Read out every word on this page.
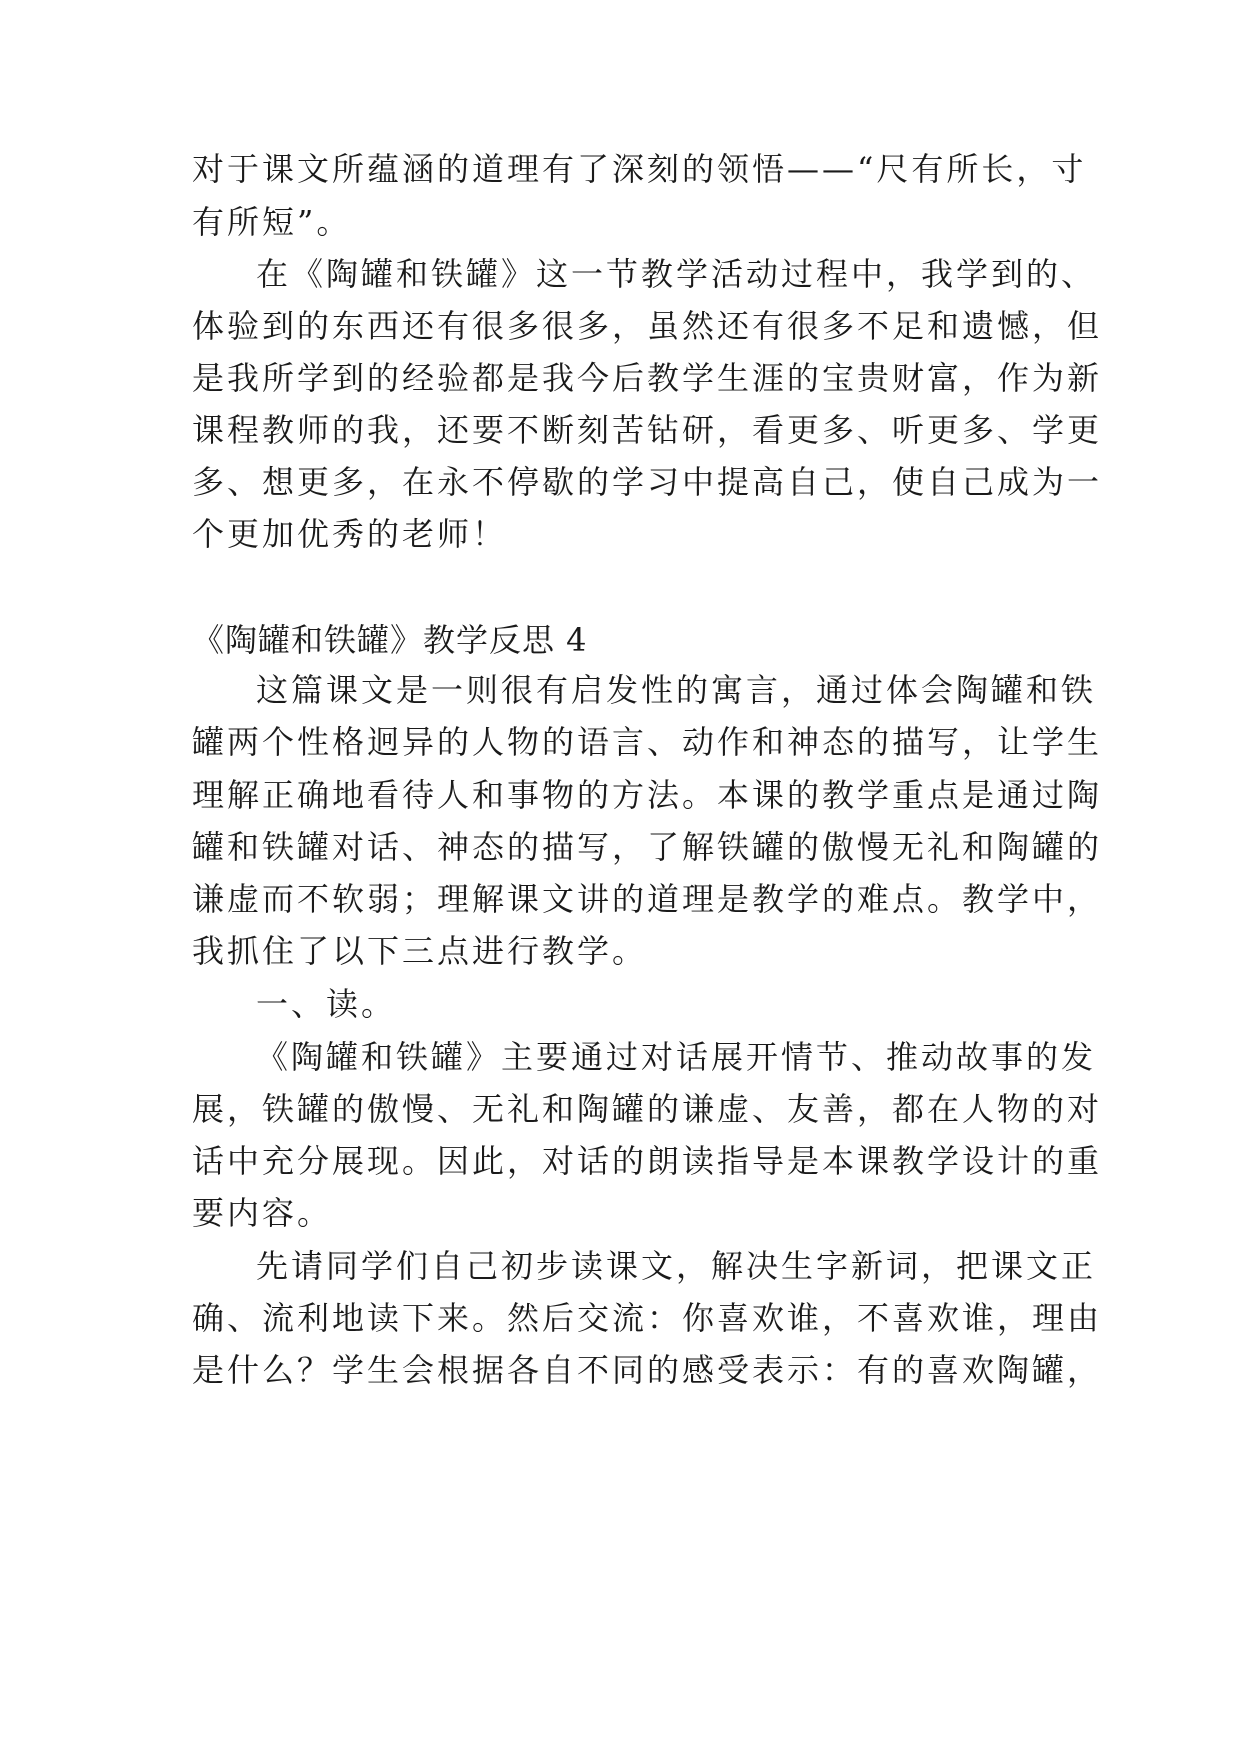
对于课文所蕴涵的道理有了深刻的领悟——“尺有所长，寸
有所短”。
在《陶罐和铁罐》这一节教学活动过程中，我学到的、
体验到的东西还有很多很多，虽然还有很多不足和遗憾，但
是我所学到的经验都是我今后教学生涯的宝贵财富，作为新
课程教师的我，还要不断刻苦钻研，看更多、听更多、学更
多、想更多，在永不停歇的学习中提高自己，使自己成为一
个更加优秀的老师！
《陶罐和铁罐》教学反思 4
这篇课文是一则很有启发性的寓言，通过体会陶罐和铁
罐两个性格迥异的人物的语言、动作和神态的描写，让学生
理解正确地看待人和事物的方法。本课的教学重点是通过陶
罐和铁罐对话、神态的描写，了解铁罐的傲慢无礼和陶罐的
谦虚而不软弱；理解课文讲的道理是教学的难点。教学中，
我抓住了以下三点进行教学。
一、读。
《陶罐和铁罐》主要通过对话展开情节、推动故事的发
展，铁罐的傲慢、无礼和陶罐的谦虚、友善，都在人物的对
话中充分展现。因此，对话的朗读指导是本课教学设计的重
要内容。
先请同学们自己初步读课文，解决生字新词，把课文正
确、流利地读下来。然后交流：你喜欢谁，不喜欢谁，理由
是什么？学生会根据各自不同的感受表示：有的喜欢陶罐，
